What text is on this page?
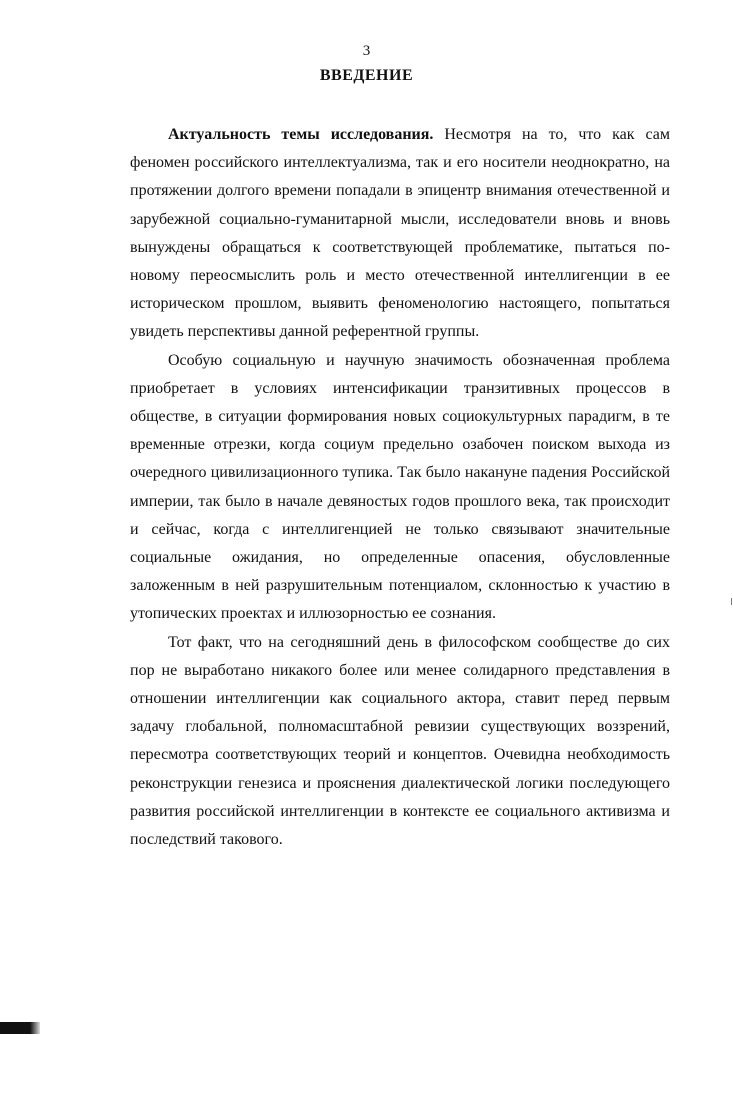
3
ВВЕДЕНИЕ

Актуальность темы исследования. Несмотря на то, что как сам феномен российского интеллектуализма, так и его носители неоднократно, на протяжении долгого времени попадали в эпицентр внимания отечественной и зарубежной социально-гуманитарной мысли, исследователи вновь и вновь вынуждены обращаться к соответствующей проблематике, пытаться по-новому переосмыслить роль и место отечественной интеллигенции в ее историческом прошлом, выявить феноменологию настоящего, попытаться увидеть перспективы данной референтной группы.

Особую социальную и научную значимость обозначенная проблема приобретает в условиях интенсификации транзитивных процессов в обществе, в ситуации формирования новых социокультурных парадигм, в те временные отрезки, когда социум предельно озабочен поиском выхода из очередного цивилизационного тупика. Так было накануне падения Российской империи, так было в начале девяностых годов прошлого века, так происходит и сейчас, когда с интеллигенцией не только связывают значительные социальные ожидания, но определенные опасения, обусловленные заложенным в ней разрушительным потенциалом, склонностью к участию в утопических проектах и иллюзорностью ее сознания.

Тот факт, что на сегодняшний день в философском сообществе до сих пор не выработано никакого более или менее солидарного представления в отношении интеллигенции как социального актора, ставит перед первым задачу глобальной, полномасштабной ревизии существующих воззрений, пересмотра соответствующих теорий и концептов. Очевидна необходимость реконструкции генезиса и прояснения диалектической логики последующего развития российской интеллигенции в контексте ее социального активизма и последствий такового.
